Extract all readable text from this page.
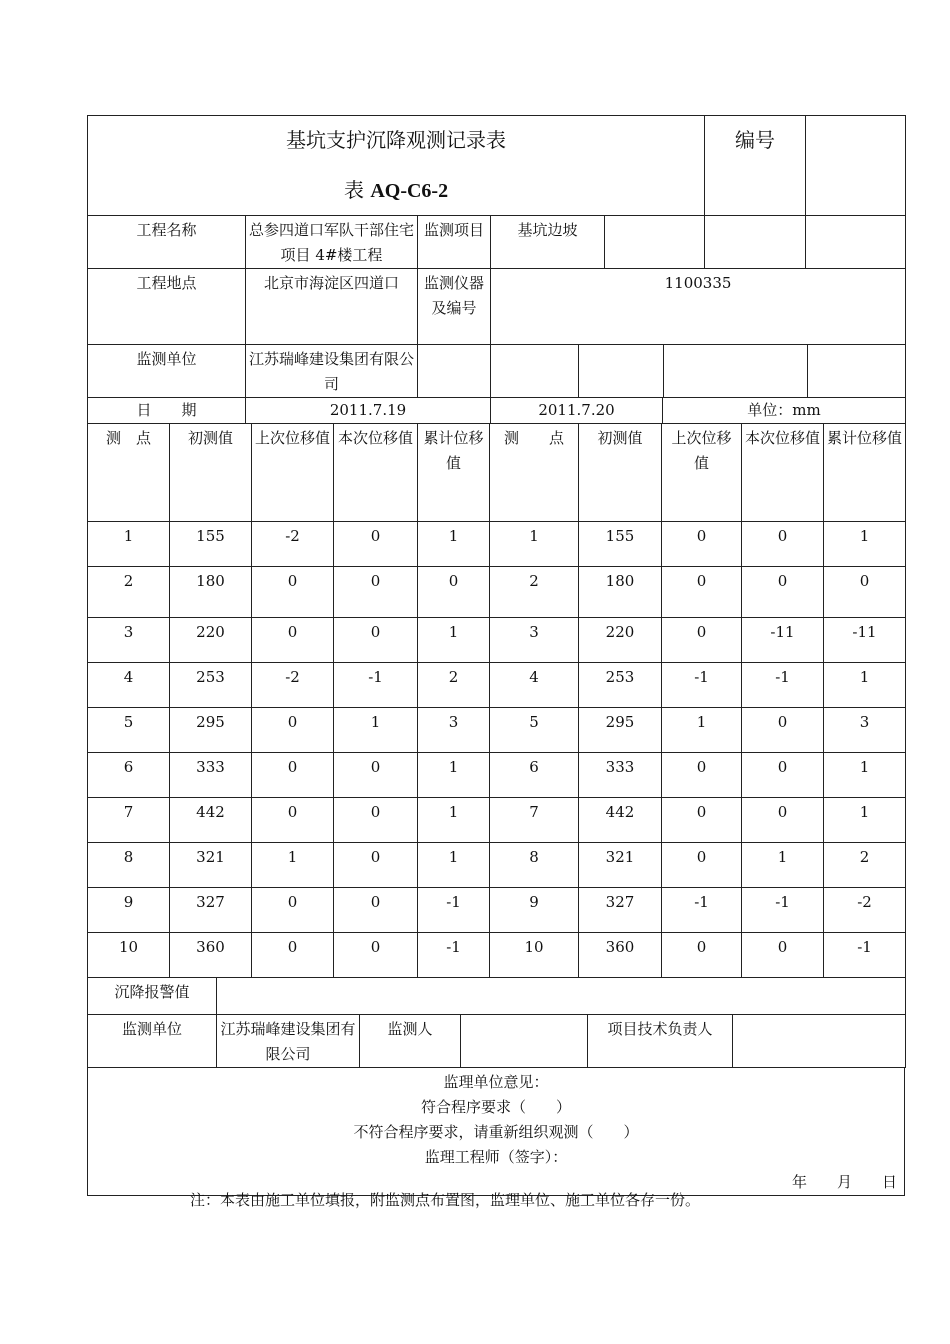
基坑支护沉降观测记录表
表 AQ-C6-2					编号	
工程名称	总参四道口军队干部住宅项目 4#楼工程	监测项目	基坑边坡			
工程地点	北京市海淀区四道口	监测仪器及编号	1100335			
监测单位	江苏瑞峰建设集团有限公司					
日　　期	2011.7.19	2011.7.20	单位：mm
测　点	初测值	上次位移值	本次位移值	累计位移值	测　　点	初测值	上次位移值	本次位移值	累计位移值
1	155	-2	0	1	1	155	0	0	1
2	180	0	0	0	2	180	0	0	0
3	220	0	0	1	3	220	0	-11	-11
4	253	-2	-1	2	4	253	-1	-1	1
5	295	0	1	3	5	295	1	0	3
6	333	0	0	1	6	333	0	0	1
7	442	0	0	1	7	442	0	0	1
8	321	1	0	1	8	321	0	1	2
9	327	0	0	-1	9	327	-1	-1	-2
10	360	0	0	-1	10	360	0	0	-1
沉降报警值	
监测单位	江苏瑞峰建设集团有限公司	监测人		项目技术负责人	
监理单位意见：
符合程序要求（　　）
不符合程序要求，请重新组织观测（　　）
监理工程师（签字）：
年　　月　　日
注：本表由施工单位填报，附监测点布置图，监理单位、施工单位各存一份。
